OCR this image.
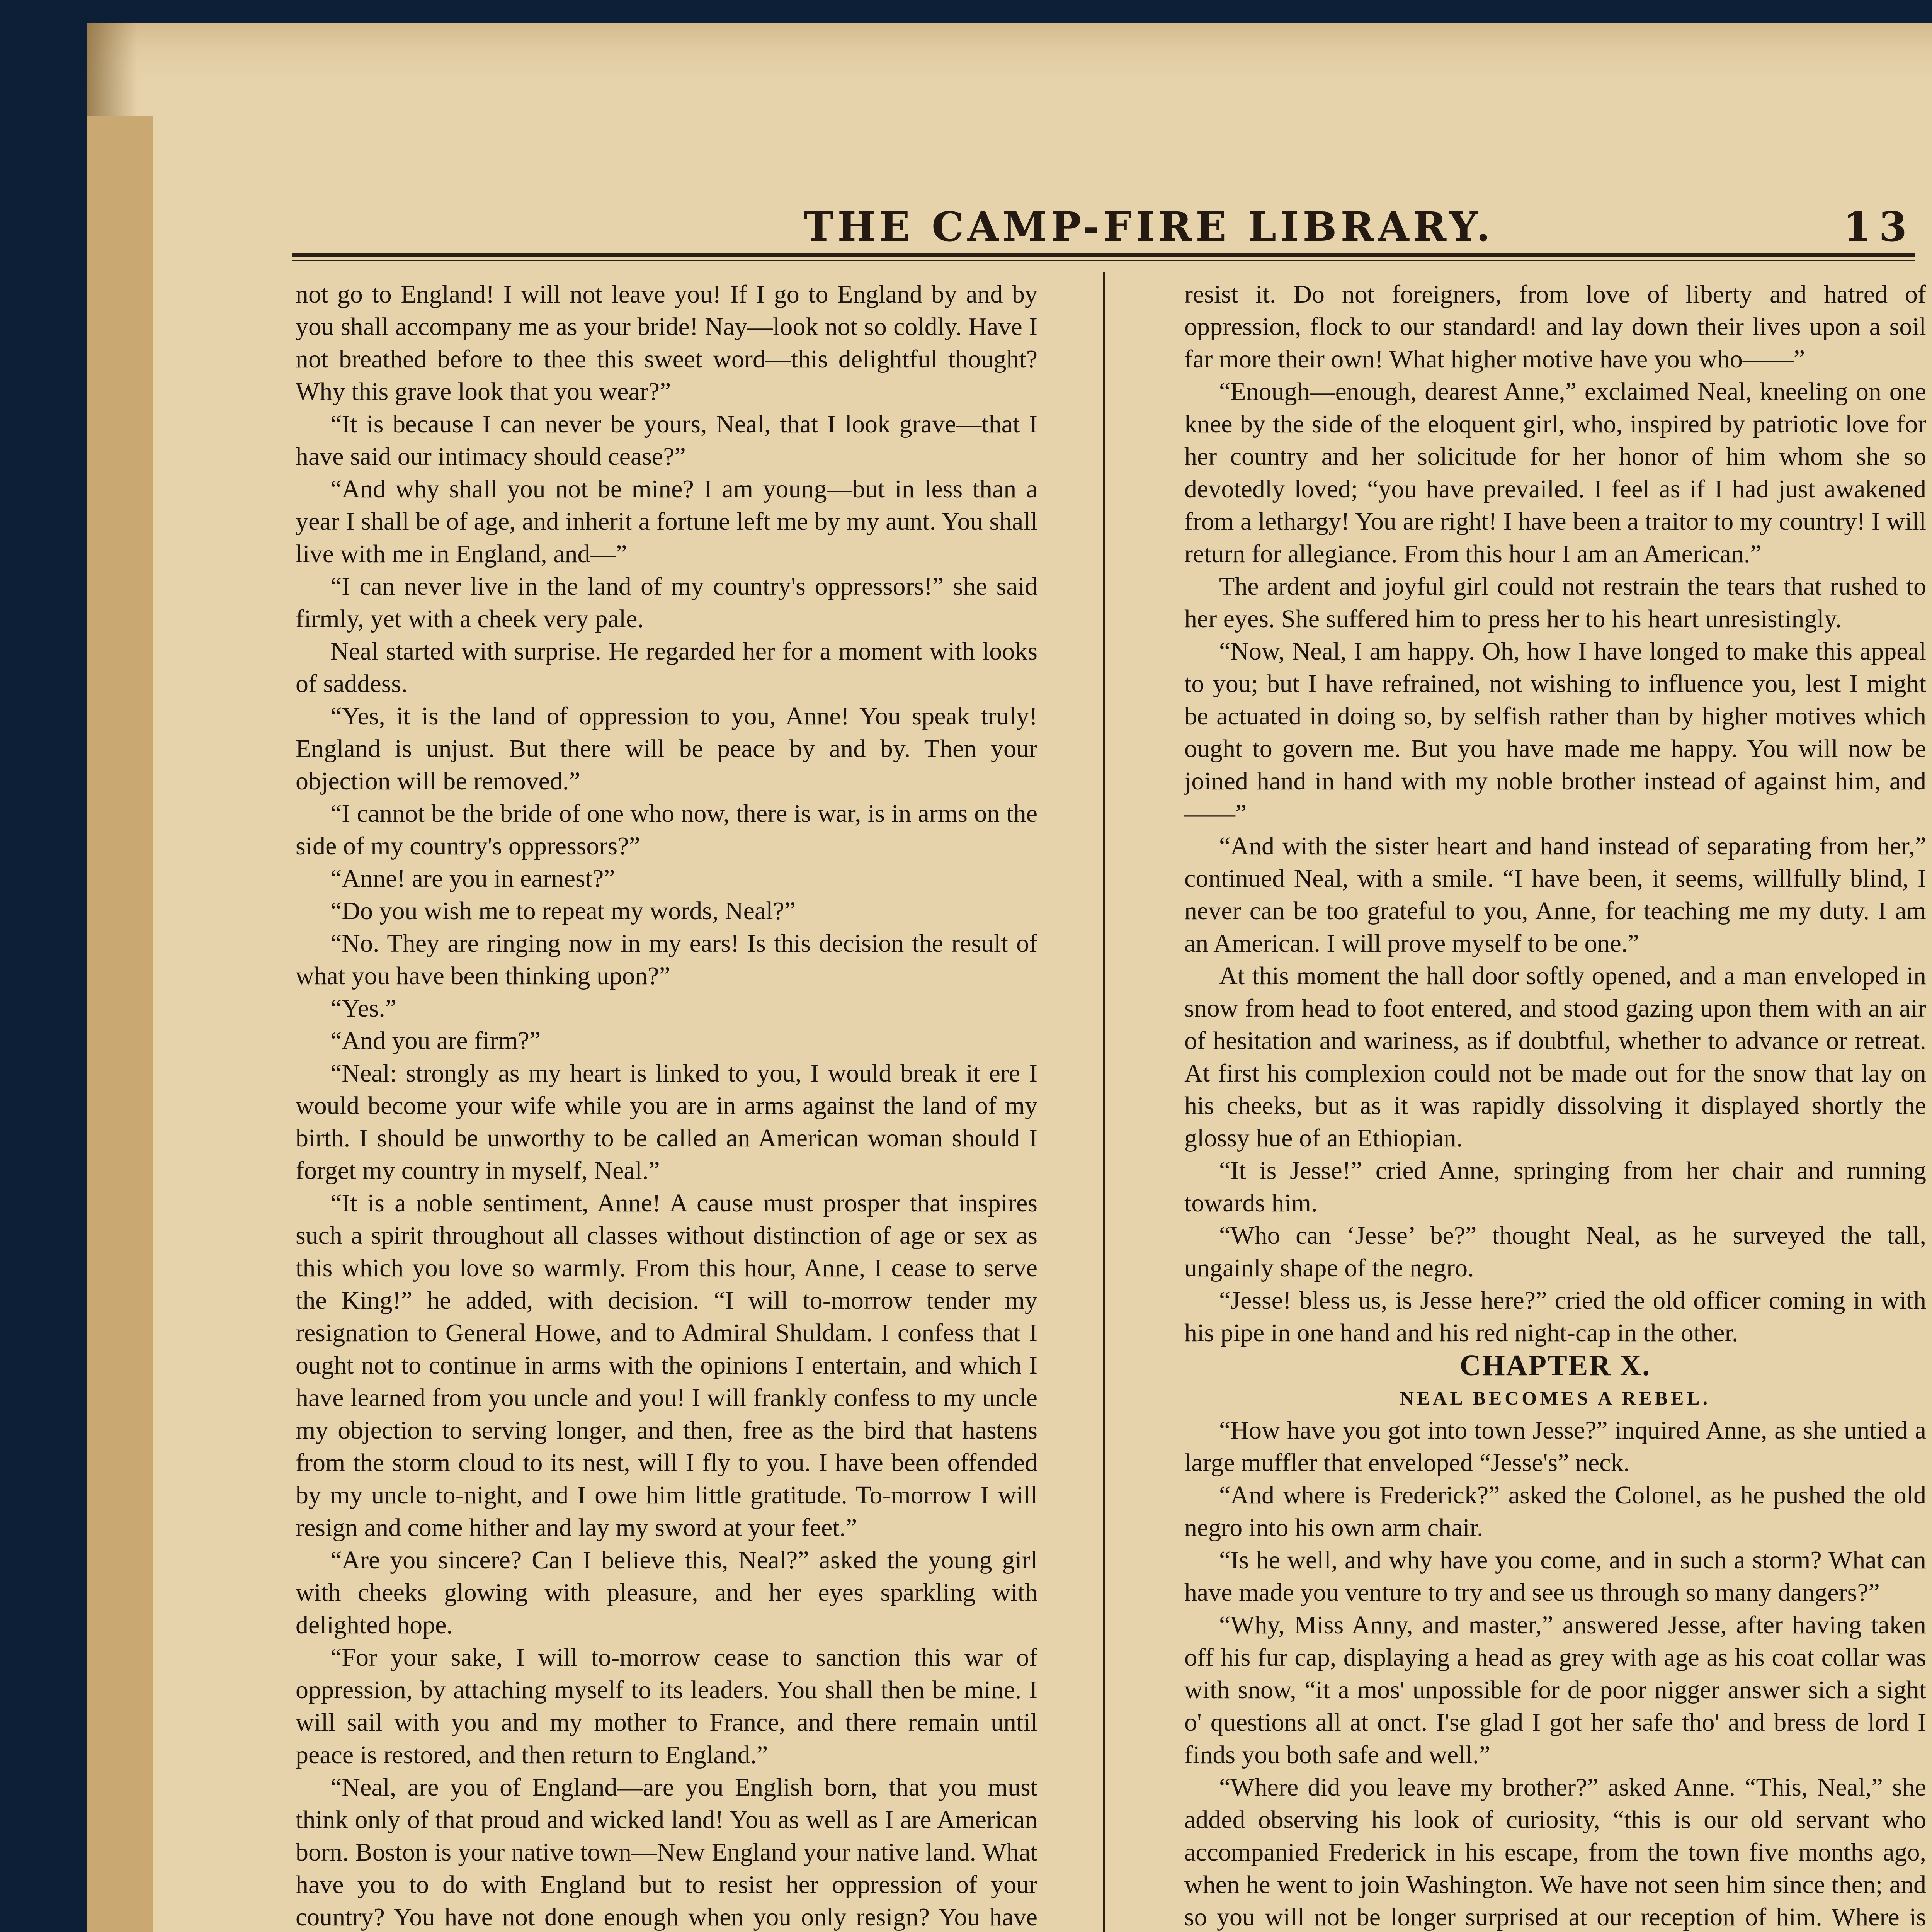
THE CAMP-FIRE LIBRARY.	13

not go to England! I will not leave you! If I go to England by and by you shall accompany me as your bride! Nay—look not so coldly. Have I not breathed before to thee this sweet word—this delightful thought? Why this grave look that you wear?”

“It is because I can never be yours, Neal, that I look grave—that I have said our intimacy should cease?”

“And why shall you not be mine? I am young—but in less than a year I shall be of age, and inherit a fortune left me by my aunt. You shall live with me in England, and—”

“I can never live in the land of my country's oppressors!” she said firmly, yet with a cheek very pale.

Neal started with surprise. He regarded her for a moment with looks of saddess.

“Yes, it is the land of oppression to you, Anne! You speak truly! England is unjust. But there will be peace by and by. Then your objection will be removed.”

“I cannot be the bride of one who now, there is war, is in arms on the side of my country's oppressors?”

“Anne! are you in earnest?”

“Do you wish me to repeat my words, Neal?”

“No. They are ringing now in my ears! Is this decision the result of what you have been thinking upon?”

“Yes.”

“And you are firm?”

“Neal: strongly as my heart is linked to you, I would break it ere I would become your wife while you are in arms against the land of my birth. I should be unworthy to be called an American woman should I forget my country in myself, Neal.”

“It is a noble sentiment, Anne! A cause must prosper that inspires such a spirit throughout all classes without distinction of age or sex as this which you love so warmly. From this hour, Anne, I cease to serve the King!” he added, with decision. “I will to-morrow tender my resignation to General Howe, and to Admiral Shuldam. I confess that I ought not to continue in arms with the opinions I entertain, and which I have learned from you uncle and you! I will frankly confess to my uncle my objection to serving longer, and then, free as the bird that hastens from the storm cloud to its nest, will I fly to you. I have been offended by my uncle to-night, and I owe him little gratitude. To-morrow I will resign and come hither and lay my sword at your feet.”

“Are you sincere? Can I believe this, Neal?” asked the young girl with cheeks glowing with pleasure, and her eyes sparkling with delighted hope.

“For your sake, I will to-morrow cease to sanction this war of oppression, by attaching myself to its leaders. You shall then be mine. I will sail with you and my mother to France, and there remain until peace is restored, and then return to England.”

“Neal, are you of England—are you English born, that you must think only of that proud and wicked land! You as well as I are American born. Boston is your native town—New England your native land. What have you to do with England but to resist her oppression of your country? You have not done enough when you only resign? You have

resist it. Do not foreigners, from love of liberty and hatred of oppression, flock to our standard! and lay down their lives upon a soil far more their own! What higher motive have you who——”

“Enough—enough, dearest Anne,” exclaimed Neal, kneeling on one knee by the side of the eloquent girl, who, inspired by patriotic love for her country and her solicitude for her honor of him whom she so devotedly loved; “you have prevailed. I feel as if I had just awakened from a lethargy! You are right! I have been a traitor to my country! I will return for allegiance. From this hour I am an American.”

The ardent and joyful girl could not restrain the tears that rushed to her eyes. She suffered him to press her to his heart unresistingly.

“Now, Neal, I am happy. Oh, how I have longed to make this appeal to you; but I have refrained, not wishing to influence you, lest I might be actuated in doing so, by selfish rather than by higher motives which ought to govern me. But you have made me happy. You will now be joined hand in hand with my noble brother instead of against him, and——”

“And with the sister heart and hand instead of separating from her,” continued Neal, with a smile. “I have been, it seems, willfully blind, I never can be too grateful to you, Anne, for teaching me my duty. I am an American. I will prove myself to be one.”

At this moment the hall door softly opened, and a man enveloped in snow from head to foot entered, and stood gazing upon them with an air of hesitation and wariness, as if doubtful, whether to advance or retreat. At first his complexion could not be made out for the snow that lay on his cheeks, but as it was rapidly dissolving it displayed shortly the glossy hue of an Ethiopian.

“It is Jesse!” cried Anne, springing from her chair and running towards him.

“Who can ‘Jesse’ be?” thought Neal, as he surveyed the tall, ungainly shape of the negro.

“Jesse! bless us, is Jesse here?” cried the old officer coming in with his pipe in one hand and his red night-cap in the other.

CHAPTER X.

NEAL BECOMES A REBEL.

“How have you got into town Jesse?” inquired Anne, as she untied a large muffler that enveloped “Jesse's” neck.

“And where is Frederick?” asked the Colonel, as he pushed the old negro into his own arm chair.

“Is he well, and why have you come, and in such a storm? What can have made you venture to try and see us through so many dangers?”

“Why, Miss Anny, and master,” answered Jesse, after having taken off his fur cap, displaying a head as grey with age as his coat collar was with snow, “it a mos' unpossible for de poor nigger answer sich a sight o' questions all at onct. I'se glad I got her safe tho' and bress de lord I finds you both safe and well.”

“Where did you leave my brother?” asked Anne. “This, Neal,” she added observing his look of curiosity, “this is our old servant who accompanied Frederick in his escape, from the town five months ago, when he went to join Washington. We have not seen him since then; and so you will not be longer surprised at our reception of him. Where is
